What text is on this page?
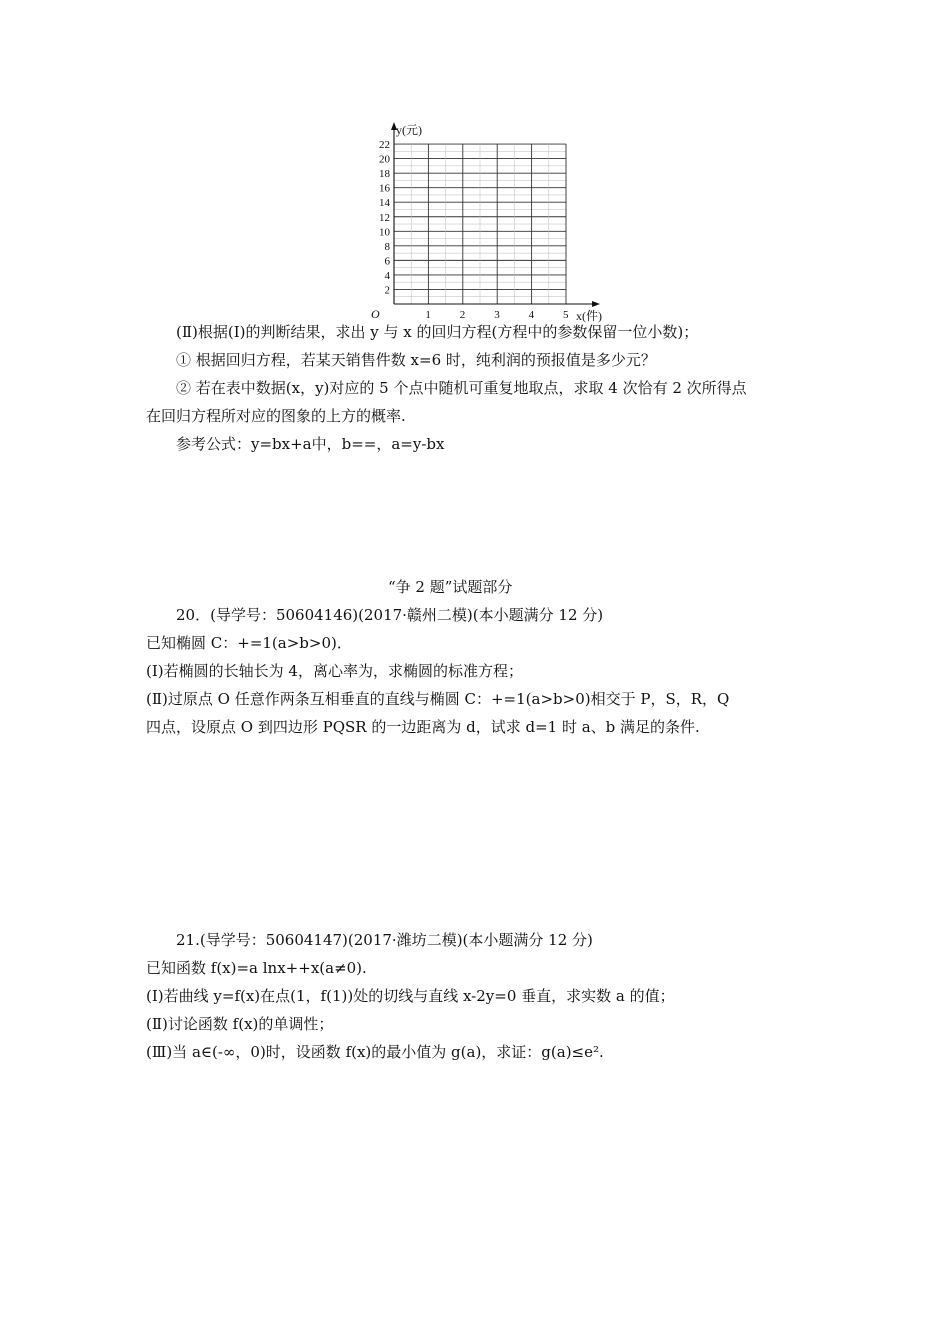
1	2	3	4	5
2
4
6
8
10
12
14
16
18
20
22
y(元)
x(件)
O
(Ⅱ)根据(Ⅰ)的判断结果，求出 y 与 x 的回归方程(方程中的参数保留一位小数)；
① 根据回归方程，若某天销售件数 x=6 时，纯利润的预报值是多少元？
② 若在表中数据(x，y)对应的 5 个点中随机可重复地取点，求取 4 次恰有 2 次所得点
在回归方程所对应的图象的上方的概率.
参考公式：y=bx+a中，b==，a=y-bx
“争 2 题”试题部分
20．(导学号：50604146)(2017·赣州二模)(本小题满分 12 分)
已知椭圆 C：+=1(a>b>0)．
(Ⅰ)若椭圆的长轴长为 4，离心率为，求椭圆的标准方程；
(Ⅱ)过原点 O 任意作两条互相垂直的直线与椭圆 C：+=1(a>b>0)相交于 P，S，R，Q
四点，设原点 O 到四边形 PQSR 的一边距离为 d，试求 d=1 时 a、b 满足的条件.
21.(导学号：50604147)(2017·潍坊二模)(本小题满分 12 分)
已知函数 f(x)=a lnx++x(a≠0).
(Ⅰ)若曲线 y=f(x)在点(1，f(1))处的切线与直线 x-2y=0 垂直，求实数 a 的值；
(Ⅱ)讨论函数 f(x)的单调性；
(Ⅲ)当 a∈(-∞，0)时，设函数 f(x)的最小值为 g(a)，求证：g(a)≤e².
